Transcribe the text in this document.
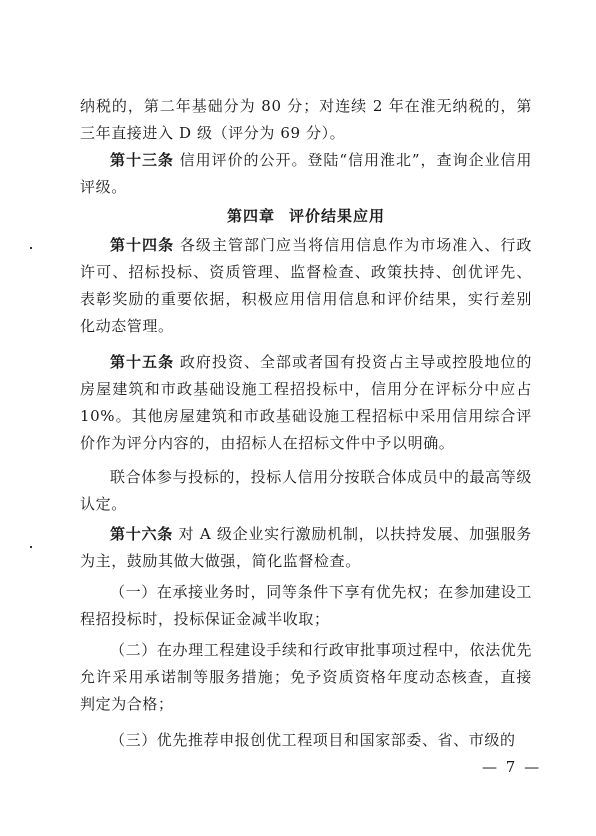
纳税的，第二年基础分为 80 分；对连续 2 年在淮无纳税的，第三年直接进入 D 级（评分为 69 分）。
第十三条 信用评价的公开。登陆“信用淮北”，查询企业信用评级。
第四章 评价结果应用
第十四条 各级主管部门应当将信用信息作为市场准入、行政许可、招标投标、资质管理、监督检查、政策扶持、创优评先、表彰奖励的重要依据，积极应用信用信息和评价结果，实行差别化动态管理。
第十五条 政府投资、全部或者国有投资占主导或控股地位的房屋建筑和市政基础设施工程招投标中，信用分在评标分中应占 10%。其他房屋建筑和市政基础设施工程招标中采用信用综合评价作为评分内容的，由招标人在招标文件中予以明确。
联合体参与投标的，投标人信用分按联合体成员中的最高等级认定。
第十六条 对 A 级企业实行激励机制，以扶持发展、加强服务为主，鼓励其做大做强，简化监督检查。
（一）在承接业务时，同等条件下享有优先权；在参加建设工程招投标时，投标保证金减半收取；
（二）在办理工程建设手续和行政审批事项过程中，依法优先允许采用承诺制等服务措施；免予资质资格年度动态核查，直接判定为合格；
（三）优先推荐申报创优工程项目和国家部委、省、市级的
— 7 —
